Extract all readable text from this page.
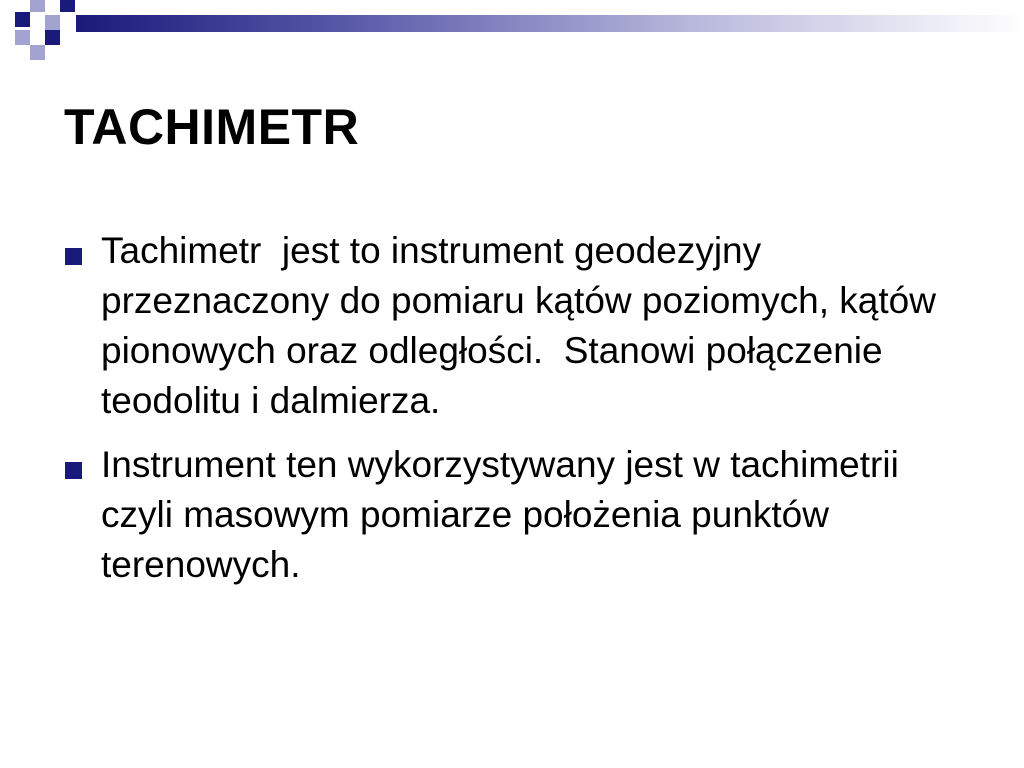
TACHIMETR
Tachimetr  jest to instrument geodezyjny przeznaczony do pomiaru kątów poziomych, kątów pionowych oraz odległości.  Stanowi połączenie teodolitu i dalmierza.
Instrument ten wykorzystywany jest w tachimetrii czyli masowym pomiarze położenia punktów terenowych.
